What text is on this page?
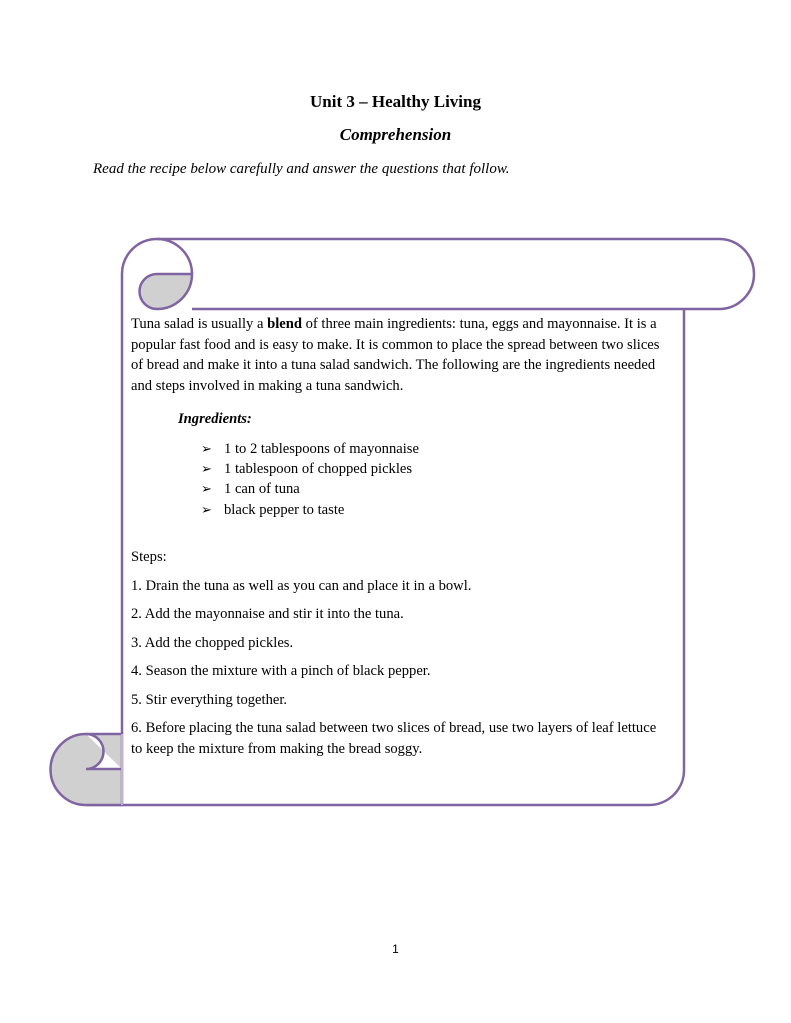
Unit 3 – Healthy Living
Comprehension
Read the recipe below carefully and answer the questions that follow.

Tuna salad is usually a blend of three main ingredients: tuna, eggs and mayonnaise. It is a popular fast food and is easy to make. It is common to place the spread between two slices of bread and make it into a tuna salad sandwich. The following are the ingredients needed and steps involved in making a tuna sandwich.

Ingredients:
➢ 1 to 2 tablespoons of mayonnaise
➢ 1 tablespoon of chopped pickles
➢ 1 can of tuna
➢ black pepper to taste
Steps:
1. Drain the tuna as well as you can and place it in a bowl.
2. Add the mayonnaise and stir it into the tuna.
3. Add the chopped pickles.
4. Season the mixture with a pinch of black pepper.
5. Stir everything together.
6. Before placing the tuna salad between two slices of bread, use two layers of leaf lettuce to keep the mixture from making the bread soggy.
1
